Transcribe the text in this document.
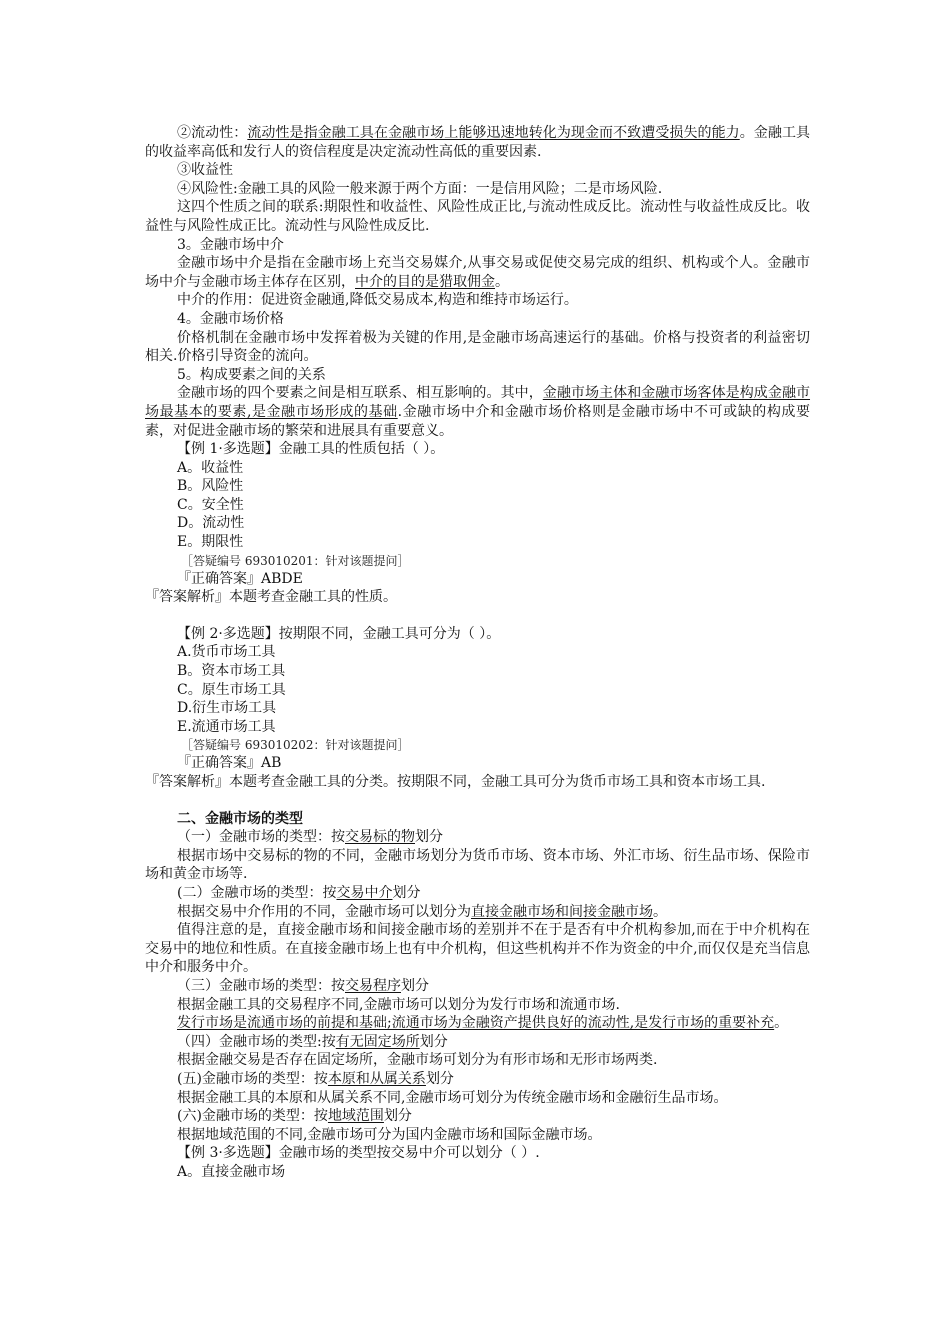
②流动性：流动性是指金融工具在金融市场上能够迅速地转化为现金而不致遭受损失的能力。金融工具的收益率高低和发行人的资信程度是决定流动性高低的重要因素.

③收益性

④风险性:金融工具的风险一般来源于两个方面：一是信用风险；二是市场风险.

这四个性质之间的联系:期限性和收益性、风险性成正比,与流动性成反比。流动性与收益性成反比。收益性与风险性成正比。流动性与风险性成反比.

3。金融市场中介

金融市场中介是指在金融市场上充当交易媒介,从事交易或促使交易完成的组织、机构或个人。金融市场中介与金融市场主体存在区别，中介的目的是猎取佣金。

中介的作用：促进资金融通,降低交易成本,构造和维持市场运行。

4。金融市场价格

价格机制在金融市场中发挥着极为关键的作用,是金融市场高速运行的基础。价格与投资者的利益密切相关.价格引导资金的流向。

5。构成要素之间的关系

金融市场的四个要素之间是相互联系、相互影响的。其中，金融市场主体和金融市场客体是构成金融市场最基本的要素,是金融市场形成的基础.金融市场中介和金融市场价格则是金融市场中不可或缺的构成要素，对促进金融市场的繁荣和进展具有重要意义。

【例 1·多选题】金融工具的性质包括（ ）。

A。收益性

B。风险性

C。安全性

D。流动性

E。期限性

［答疑编号 693010201：针对该题提问］

『正确答案』ABDE

『答案解析』本题考查金融工具的性质。

【例 2·多选题】按期限不同，金融工具可分为（ ）。

A.货币市场工具

B。资本市场工具

C。原生市场工具

D.衍生市场工具

E.流通市场工具

［答疑编号 693010202：针对该题提问］

『正确答案』AB

『答案解析』本题考查金融工具的分类。按期限不同，金融工具可分为货币市场工具和资本市场工具.

二、金融市场的类型

（一）金融市场的类型：按交易标的物划分

根据市场中交易标的物的不同，金融市场划分为货币市场、资本市场、外汇市场、衍生品市场、保险市场和黄金市场等.

(二）金融市场的类型：按交易中介划分

根据交易中介作用的不同，金融市场可以划分为直接金融市场和间接金融市场。

值得注意的是，直接金融市场和间接金融市场的差别并不在于是否有中介机构参加,而在于中介机构在交易中的地位和性质。在直接金融市场上也有中介机构，但这些机构并不作为资金的中介,而仅仅是充当信息中介和服务中介。

（三）金融市场的类型：按交易程序划分

根据金融工具的交易程序不同,金融市场可以划分为发行市场和流通市场.

发行市场是流通市场的前提和基础;流通市场为金融资产提供良好的流动性,是发行市场的重要补充。

（四）金融市场的类型:按有无固定场所划分

根据金融交易是否存在固定场所，金融市场可划分为有形市场和无形市场两类.

(五)金融市场的类型：按本原和从属关系划分

根据金融工具的本原和从属关系不同,金融市场可划分为传统金融市场和金融衍生品市场。

(六)金融市场的类型：按地域范围划分

根据地域范围的不同,金融市场可分为国内金融市场和国际金融市场。

【例 3·多选题】金融市场的类型按交易中介可以划分（ ）.

A。直接金融市场
